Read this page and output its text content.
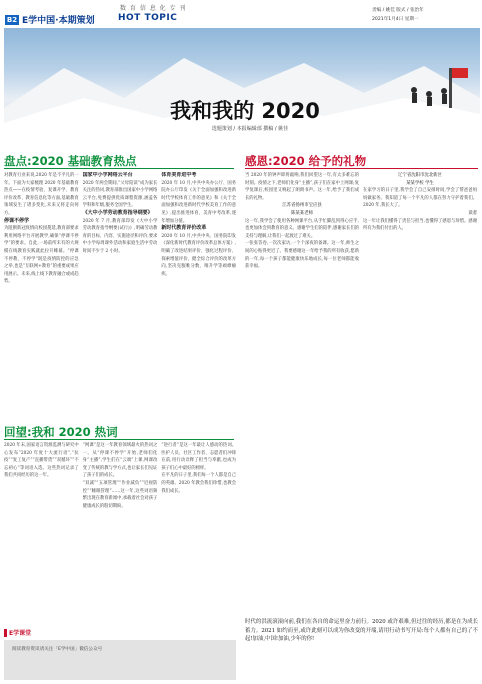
数 育 信 息 化 专 刊	责编 / 姚佳 版式 / 张治年
2021年1月4日 星期一
B2 E学中国·本期策划	HOT TOPIC
我和我的 2020
选题策划 / 本报编辑部 撰稿 / 姚佳
盘点:2020 基础教育热点
对教育行业来说,2020 年是不平凡的一年。下面为大家梳理 2020 年基础教育热点——在疫情考验、复课开学、教育评价改革、教育信息化等方面,基础教育领域发生了诸多变化,未来又将走向何方。

停课不停学
为阻断新冠疫情向校园蔓延,教育部要求利用网络平台开展教学,确保“停课不停学”的要求。自此,一场前所未有的大规模在线教育实践就此拉开帷幕。“停课不停教、不停学”既是疫情防控的应急之举,也是“互联网+教育”的重要成果应用展示。未来,线上线下教育融合或成趋势。
国家中小学网络云平台
2020 年两会期间,“父母陪读”成为家长关注的热词,教育部推出国家中小学网络云平台,免费提供优质课程资源,涵盖各学科和年级,服务全国学生。
《大中小学劳动教育指导纲要》
2020 年 7 月,教育部印发《大中小学劳动教育指导纲要(试行)》,明确劳动教育的目标、内容、实施途径和评价,要求中小学每周课外活动和家庭生活中劳动时间不少于 2 小时。
体育美育进中考
2020 年 10 月,中共中央办公厅、国务院办公厅印发《关于全面加强和改进新时代学校体育工作的意见》和《关于全面加强和改进新时代学校美育工作的意见》,提出推进体育、美育中考改革,逐年增加分值。
新时代教育评价改革
2020 年 10 月,中共中央、国务院印发《深化新时代教育评价改革总体方案》,明确了改进结果评价、强化过程评价、探索增值评价、健全综合评价的改革方向,坚决克服唯分数、唯升学等顽瘴痼疾。
感恩:2020 给予的礼物
当 2020 年的钟声即将敲响,我们回望这一年,有太多难忘的时刻。疫情之下,老师们化身“主播”,孩子们在家中上网课;复学复课后,校园里又响起了朗朗书声。这一年,给予了我们成长的礼物。
江苏省扬州市宝应县
陈某某老师
这一年,我学会了使用各种网课平台,从手忙脚乱到得心应手,也更加体会到教育的意义。感谢学生们的陪伴,感谢家长们的支持与理解,让我们一起渡过了难关。
一张张答卷,一次次家访,一个个深夜的备课。这一年,师生之间的心贴得更近了。我要感谢这一年给予我的所有收获,愿新的一年,每一个孩子都能健康快乐地成长,每一位老师都能收获幸福。
辽宁省沈阳市沈北新区
某某学校 学生
在家学习的日子里,我学会了自己安排时间,学会了帮爸爸妈妈做家务。我知道了每一个平凡的人都在努力守护着我们。2020 年,我长大了。
读者
这一年让我们懂得了责任与担当,也懂得了感恩与珍惜。感谢所有为我们付出的人。
回望:我和 2020 热词
2020 年末,国家语言资源监测与研究中心发布“2020 年度十大流行语”,“抗疫”“复工复产”“直播带货”“双循环”“不忘初心”等词语入选。这些热词记录了我们共同经历的这一年。
“网课”是这一年教育领域最火的热词之一。从“停课不停学”开始,老师们化身“主播”,学生们在“云端”上课,网课改变了传统的教与学方式,也让家长们见证了孩子们的成长。
“双减”“五项管理”“作业减负”“近视防控”“睡眠管理”……这一年,这些词语频繁出现在教育新闻中,承载着社会对孩子健康成长的殷切期盼。
“逆行者”是这一年最让人感动的热词。医护人员、社区工作者、志愿者们冲锋在前,用行动诠释了担当与奉献,也成为孩子们心中最好的榜样。
在平凡的日子里,我们每一个人都是自己的英雄。2020 年教会我们珍惜,也教会我们成长。
E学课堂
阅读教育资讯请关注「E学中国」微信公众号
时代的洪流滚滚向前,我们在各自的命运里奋力前行。2020 或许艰难,但过往的经历,都是在为成长蓄力。2021 如约而至,或许此刻可以成为你改变的开端,请用行动书写开局:每个人都有自己的了不起!加油,中国!加油,少年的你!
